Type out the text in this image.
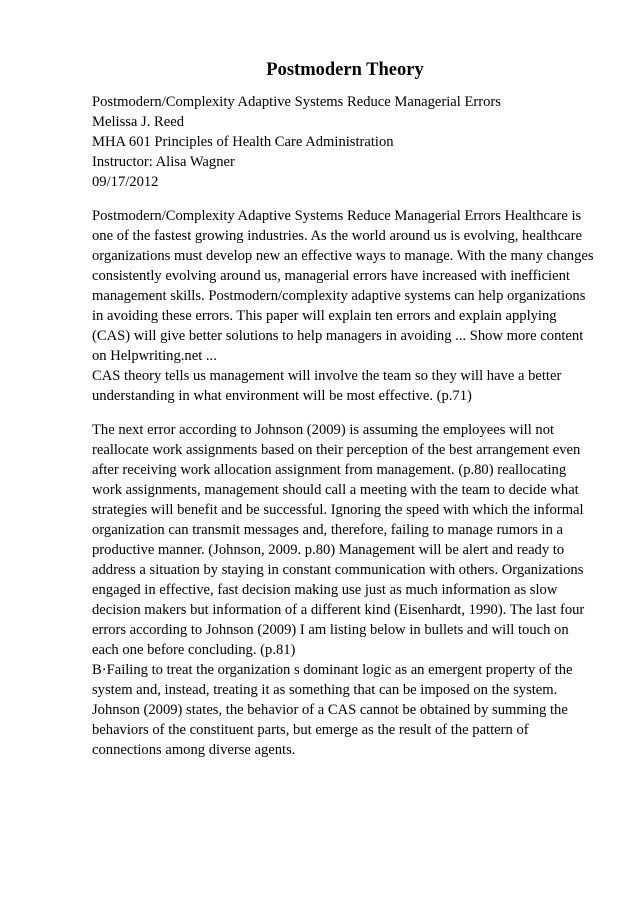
Postmodern Theory
Postmodern/Complexity Adaptive Systems Reduce Managerial Errors
Melissa J. Reed
MHA 601 Principles of Health Care Administration
Instructor: Alisa Wagner
09/17/2012
Postmodern/Complexity Adaptive Systems Reduce Managerial Errors Healthcare is
one of the fastest growing industries. As the world around us is evolving, healthcare
organizations must develop new an effective ways to manage. With the many changes
consistently evolving around us, managerial errors have increased with inefficient
management skills. Postmodern/complexity adaptive systems can help organizations
in avoiding these errors. This paper will explain ten errors and explain applying
(CAS) will give better solutions to help managers in avoiding ... Show more content
on Helpwriting.net ...
CAS theory tells us management will involve the team so they will have a better
understanding in what environment will be most effective. (p.71)
The next error according to Johnson (2009) is assuming the employees will not
reallocate work assignments based on their perception of the best arrangement even
after receiving work allocation assignment from management. (p.80) reallocating
work assignments, management should call a meeting with the team to decide what
strategies will benefit and be successful. Ignoring the speed with which the informal
organization can transmit messages and, therefore, failing to manage rumors in a
productive manner. (Johnson, 2009. p.80) Management will be alert and ready to
address a situation by staying in constant communication with others. Organizations
engaged in effective, fast decision making use just as much information as slow
decision makers but information of a different kind (Eisenhardt, 1990). The last four
errors according to Johnson (2009) I am listing below in bullets and will touch on
each one before concluding. (p.81)
B·Failing to treat the organization s dominant logic as an emergent property of the
system and, instead, treating it as something that can be imposed on the system.
Johnson (2009) states, the behavior of a CAS cannot be obtained by summing the
behaviors of the constituent parts, but emerge as the result of the pattern of
connections among diverse agents.
